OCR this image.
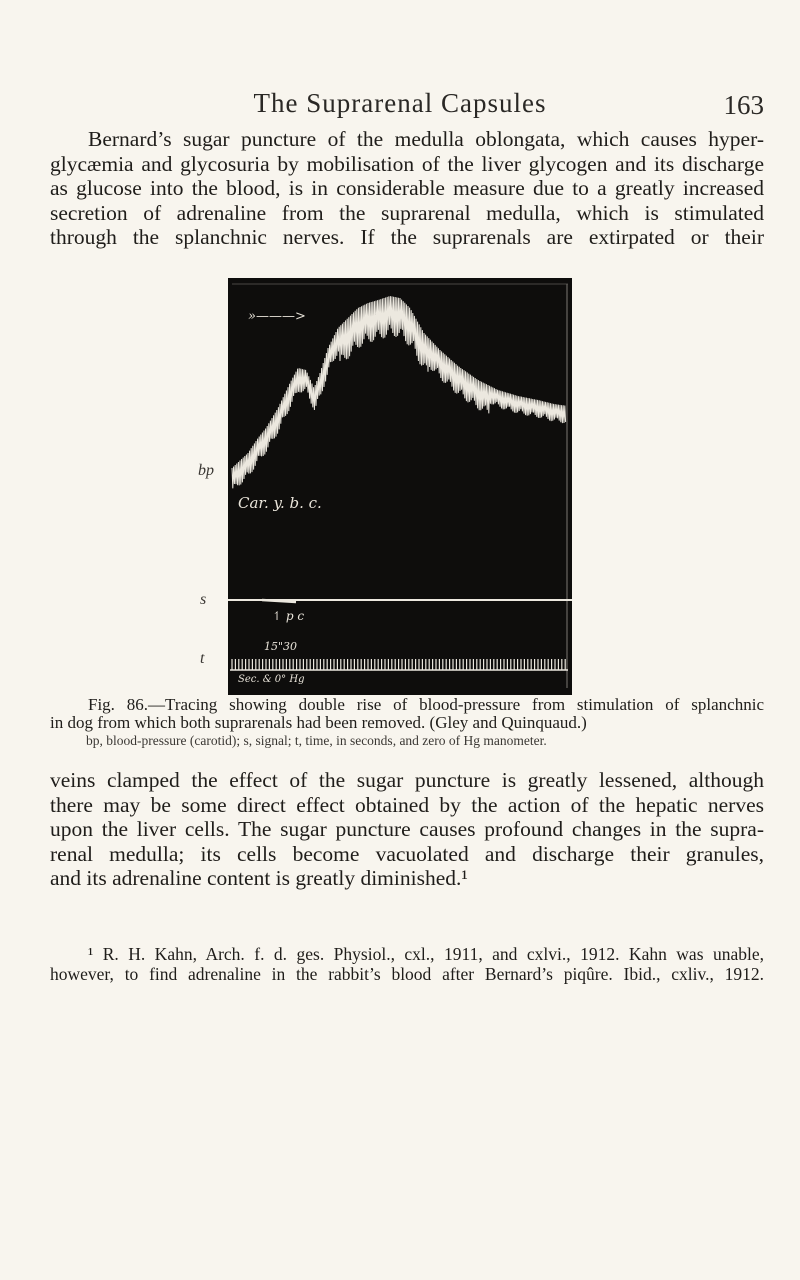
The Suprarenal Capsules	163
Bernard’s sugar puncture of the medulla oblongata, which causes hyper-
glycæmia and glycosuria by mobilisation of the liver glycogen and its discharge
as glucose into the blood, is in considerable measure due to a greatly increased
secretion of adrenaline from the suprarenal medulla, which is stimulated
through the splanchnic nerves. If the suprarenals are extirpated or their
bp
s
t
»———>
Car. y. b. c.
↿ p c
15"30
Sec. & 0° Hg
Fig. 86.—Tracing showing double rise of blood-pressure from stimulation of splanchnic
in dog from which both suprarenals had been removed. (Gley and Quinquaud.)
bp, blood-pressure (carotid); s, signal; t, time, in seconds, and zero of Hg manometer.
veins clamped the effect of the sugar puncture is greatly lessened, although
there may be some direct effect obtained by the action of the hepatic nerves
upon the liver cells. The sugar puncture causes profound changes in the supra-
renal medulla; its cells become vacuolated and discharge their granules,
and its adrenaline content is greatly diminished.¹
¹ R. H. Kahn, Arch. f. d. ges. Physiol., cxl., 1911, and cxlvi., 1912. Kahn was unable,
however, to find adrenaline in the rabbit’s blood after Bernard’s piqûre. Ibid., cxliv., 1912.
